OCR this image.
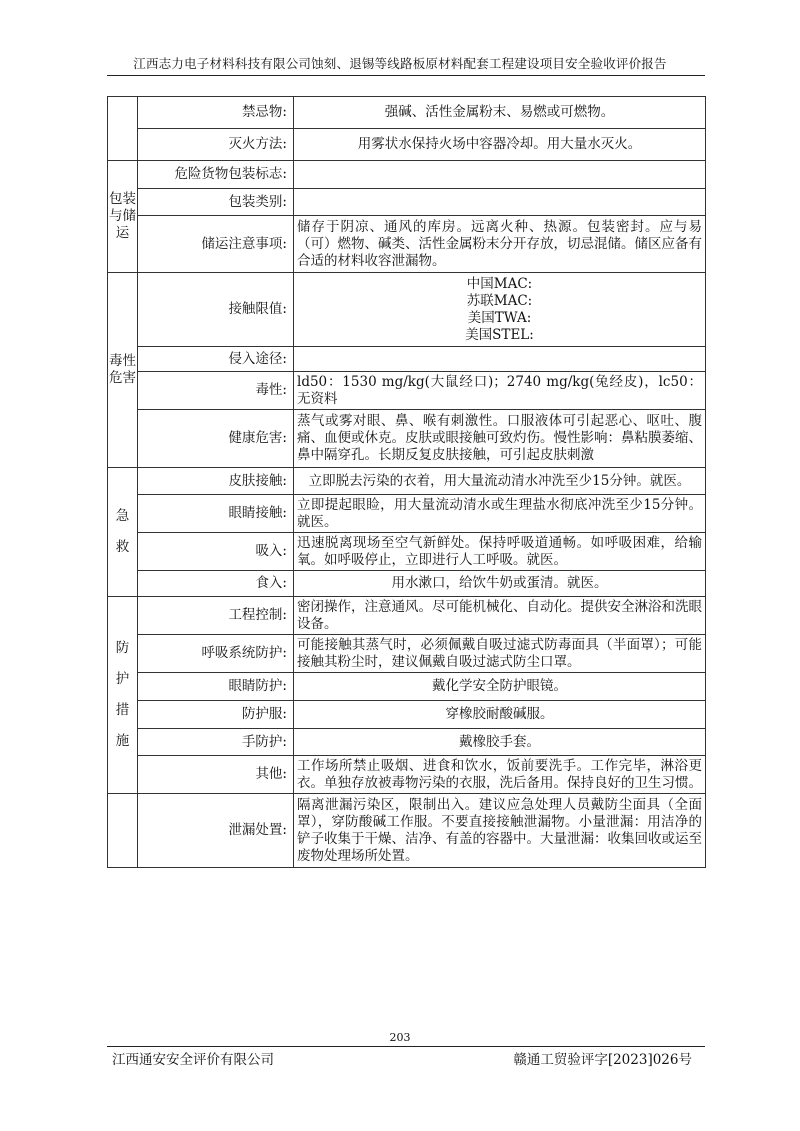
江西志力电子材料科技有限公司蚀刻、退锡等线路板原材料配套工程建设项目安全验收评价报告
	禁忌物:	强碱、活性金属粉末、易燃或可燃物。
	灭火方法:	用雾状水保持火场中容器冷却。用大量水灭火。
包装与储运	危险货物包装标志:	
	包装类别:	
	储运注意事项:	储存于阴凉、通风的库房。远离火种、热源。包装密封。应与易（可）燃物、碱类、活性金属粉末分开存放，切忌混储。储区应备有合适的材料收容泄漏物。
毒性危害	接触限值:	中国MAC:
苏联MAC:
美国TWA:
美国STEL:

	侵入途径:	
	毒性:	ld50：1530 mg/kg(大鼠经口)；2740 mg/kg(兔经皮)，lc50：无资料
	健康危害:	蒸气或雾对眼、鼻、喉有刺激性。口服液体可引起恶心、呕吐、腹痛、血便或休克。皮肤或眼接触可致灼伤。慢性影响：鼻粘膜萎缩、鼻中隔穿孔。长期反复皮肤接触，可引起皮肤刺激

急
救	皮肤接触:	立即脱去污染的衣着，用大量流动清水冲洗至少15分钟。就医。
	眼睛接触:	立即提起眼睑，用大量流动清水或生理盐水彻底冲洗至少15分钟。就医。
	吸入:	迅速脱离现场至空气新鲜处。保持呼吸道通畅。如呼吸困难，给输氧。如呼吸停止，立即进行人工呼吸。就医。
	食入:	用水漱口，给饮牛奶或蛋清。就医。

防
护
措
施	工程控制:	密闭操作，注意通风。尽可能机械化、自动化。提供安全淋浴和洗眼设备。
	呼吸系统防护:	可能接触其蒸气时，必须佩戴自吸过滤式防毒面具（半面罩）；可能接触其粉尘时，建议佩戴自吸过滤式防尘口罩。
	眼睛防护:	戴化学安全防护眼镜。
	防护服:	穿橡胶耐酸碱服。
	手防护:	戴橡胶手套。
	其他:	工作场所禁止吸烟、进食和饮水，饭前要洗手。工作完毕，淋浴更衣。单独存放被毒物污染的衣服，洗后备用。保持良好的卫生习惯。
	泄漏处置:	隔离泄漏污染区，限制出入。建议应急处理人员戴防尘面具（全面罩），穿防酸碱工作服。不要直接接触泄漏物。小量泄漏：用洁净的铲子收集于干燥、洁净、有盖的容器中。大量泄漏：收集回收或运至废物处理场所处置。
203
江西通安安全评价有限公司	赣通工贸验评字[2023]026号
